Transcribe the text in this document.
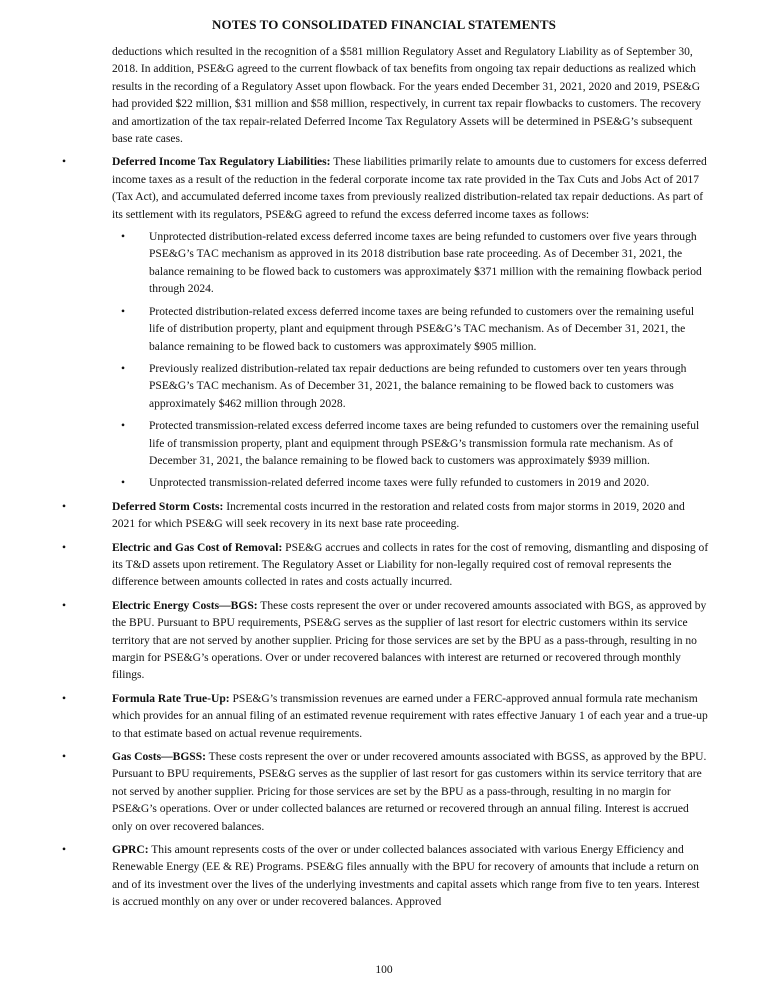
NOTES TO CONSOLIDATED FINANCIAL STATEMENTS

deductions which resulted in the recognition of a $581 million Regulatory Asset and Regulatory Liability as of September 30, 2018. In addition, PSE&G agreed to the current flowback of tax benefits from ongoing tax repair deductions as realized which results in the recording of a Regulatory Asset upon flowback. For the years ended December 31, 2021, 2020 and 2019, PSE&G had provided $22 million, $31 million and $58 million, respectively, in current tax repair flowbacks to customers. The recovery and amortization of the tax repair-related Deferred Income Tax Regulatory Assets will be determined in PSE&G’s subsequent base rate cases.

•	Deferred Income Tax Regulatory Liabilities: These liabilities primarily relate to amounts due to customers for excess deferred income taxes as a result of the reduction in the federal corporate income tax rate provided in the Tax Cuts and Jobs Act of 2017 (Tax Act), and accumulated deferred income taxes from previously realized distribution-related tax repair deductions. As part of its settlement with its regulators, PSE&G agreed to refund the excess deferred income taxes as follows:

• Unprotected distribution-related excess deferred income taxes are being refunded to customers over five years through PSE&G’s TAC mechanism as approved in its 2018 distribution base rate proceeding. As of December 31, 2021, the balance remaining to be flowed back to customers was approximately $371 million with the remaining flowback period through 2024.

• Protected distribution-related excess deferred income taxes are being refunded to customers over the remaining useful life of distribution property, plant and equipment through PSE&G’s TAC mechanism. As of December 31, 2021, the balance remaining to be flowed back to customers was approximately $905 million.

• Previously realized distribution-related tax repair deductions are being refunded to customers over ten years through PSE&G’s TAC mechanism. As of December 31, 2021, the balance remaining to be flowed back to customers was approximately $462 million through 2028.

• Protected transmission-related excess deferred income taxes are being refunded to customers over the remaining useful life of transmission property, plant and equipment through PSE&G’s transmission formula rate mechanism. As of December 31, 2021, the balance remaining to be flowed back to customers was approximately $939 million.

• Unprotected transmission-related deferred income taxes were fully refunded to customers in 2019 and 2020.

•	Deferred Storm Costs: Incremental costs incurred in the restoration and related costs from major storms in 2019, 2020 and 2021 for which PSE&G will seek recovery in its next base rate proceeding.

•	Electric and Gas Cost of Removal: PSE&G accrues and collects in rates for the cost of removing, dismantling and disposing of its T&D assets upon retirement. The Regulatory Asset or Liability for non-legally required cost of removal represents the difference between amounts collected in rates and costs actually incurred.

•	Electric Energy Costs—BGS: These costs represent the over or under recovered amounts associated with BGS, as approved by the BPU. Pursuant to BPU requirements, PSE&G serves as the supplier of last resort for electric customers within its service territory that are not served by another supplier. Pricing for those services are set by the BPU as a pass-through, resulting in no margin for PSE&G’s operations. Over or under recovered balances with interest are returned or recovered through monthly filings.

•	Formula Rate True-Up: PSE&G’s transmission revenues are earned under a FERC-approved annual formula rate mechanism which provides for an annual filing of an estimated revenue requirement with rates effective January 1 of each year and a true-up to that estimate based on actual revenue requirements.

•	Gas Costs—BGSS: These costs represent the over or under recovered amounts associated with BGSS, as approved by the BPU. Pursuant to BPU requirements, PSE&G serves as the supplier of last resort for gas customers within its service territory that are not served by another supplier. Pricing for those services are set by the BPU as a pass-through, resulting in no margin for PSE&G’s operations. Over or under collected balances are returned or recovered through an annual filing. Interest is accrued only on over recovered balances.

•	GPRC: This amount represents costs of the over or under collected balances associated with various Energy Efficiency and Renewable Energy (EE & RE) Programs. PSE&G files annually with the BPU for recovery of amounts that include a return on and of its investment over the lives of the underlying investments and capital assets which range from five to ten years. Interest is accrued monthly on any over or under recovered balances. Approved

100
